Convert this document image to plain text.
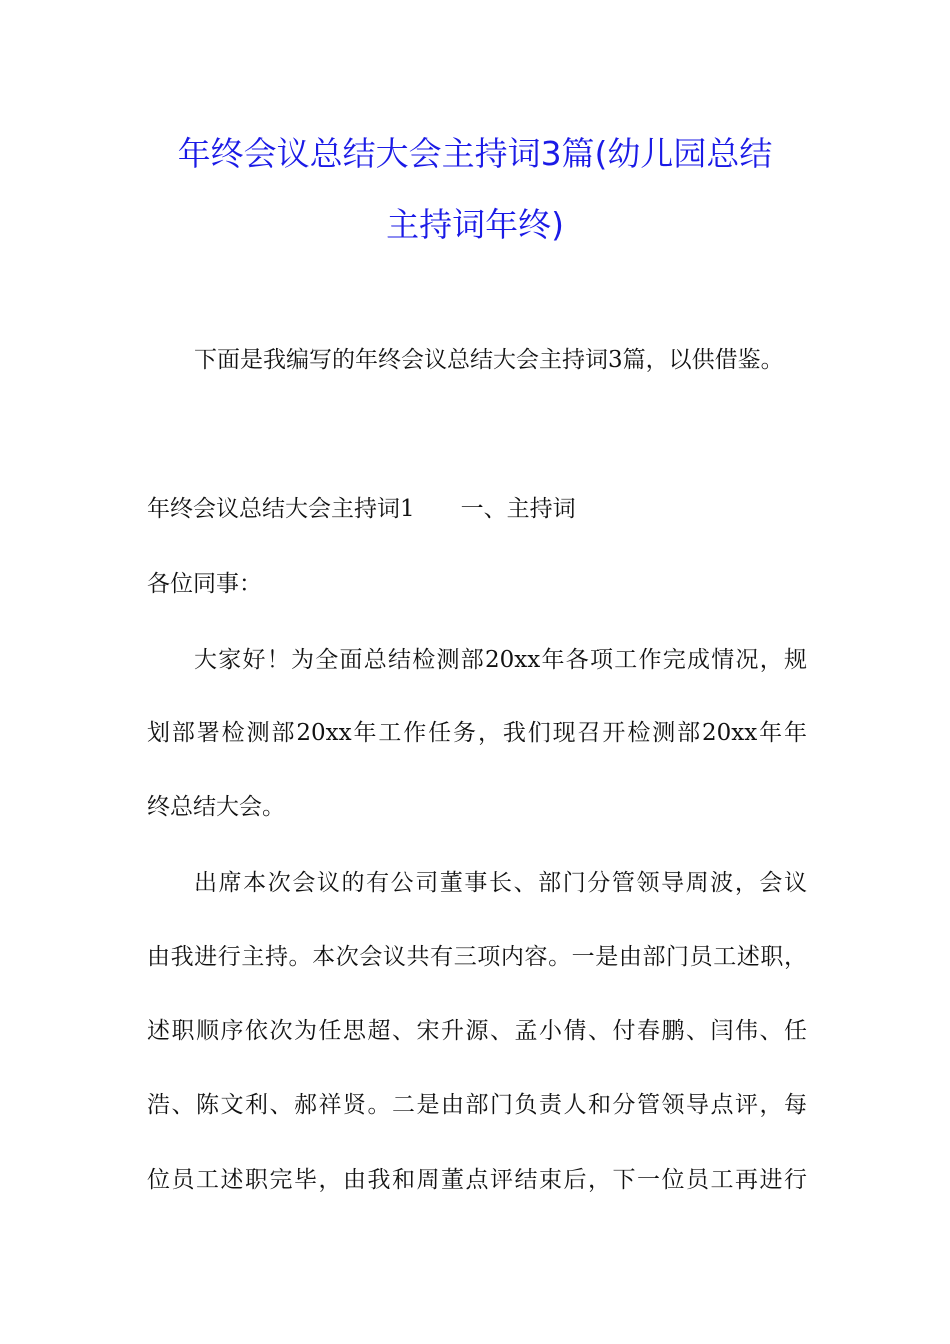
年终会议总结大会主持词3篇(幼儿园总结
主持词年终)
下面是我编写的年终会议总结大会主持词3篇，以供借鉴。
年终会议总结大会主持词1　　一、主持词
各位同事：
大家好！为全面总结检测部20xx年各项工作完成情况，规
划部署检测部20xx年工作任务，我们现召开检测部20xx年年
终总结大会。
出席本次会议的有公司董事长、部门分管领导周波，会议
由我进行主持。本次会议共有三项内容。一是由部门员工述职，
述职顺序依次为任思超、宋升源、孟小倩、付春鹏、闫伟、任
浩、陈文利、郝祥贤。二是由部门负责人和分管领导点评，每
位员工述职完毕，由我和周董点评结束后，下一位员工再进行
